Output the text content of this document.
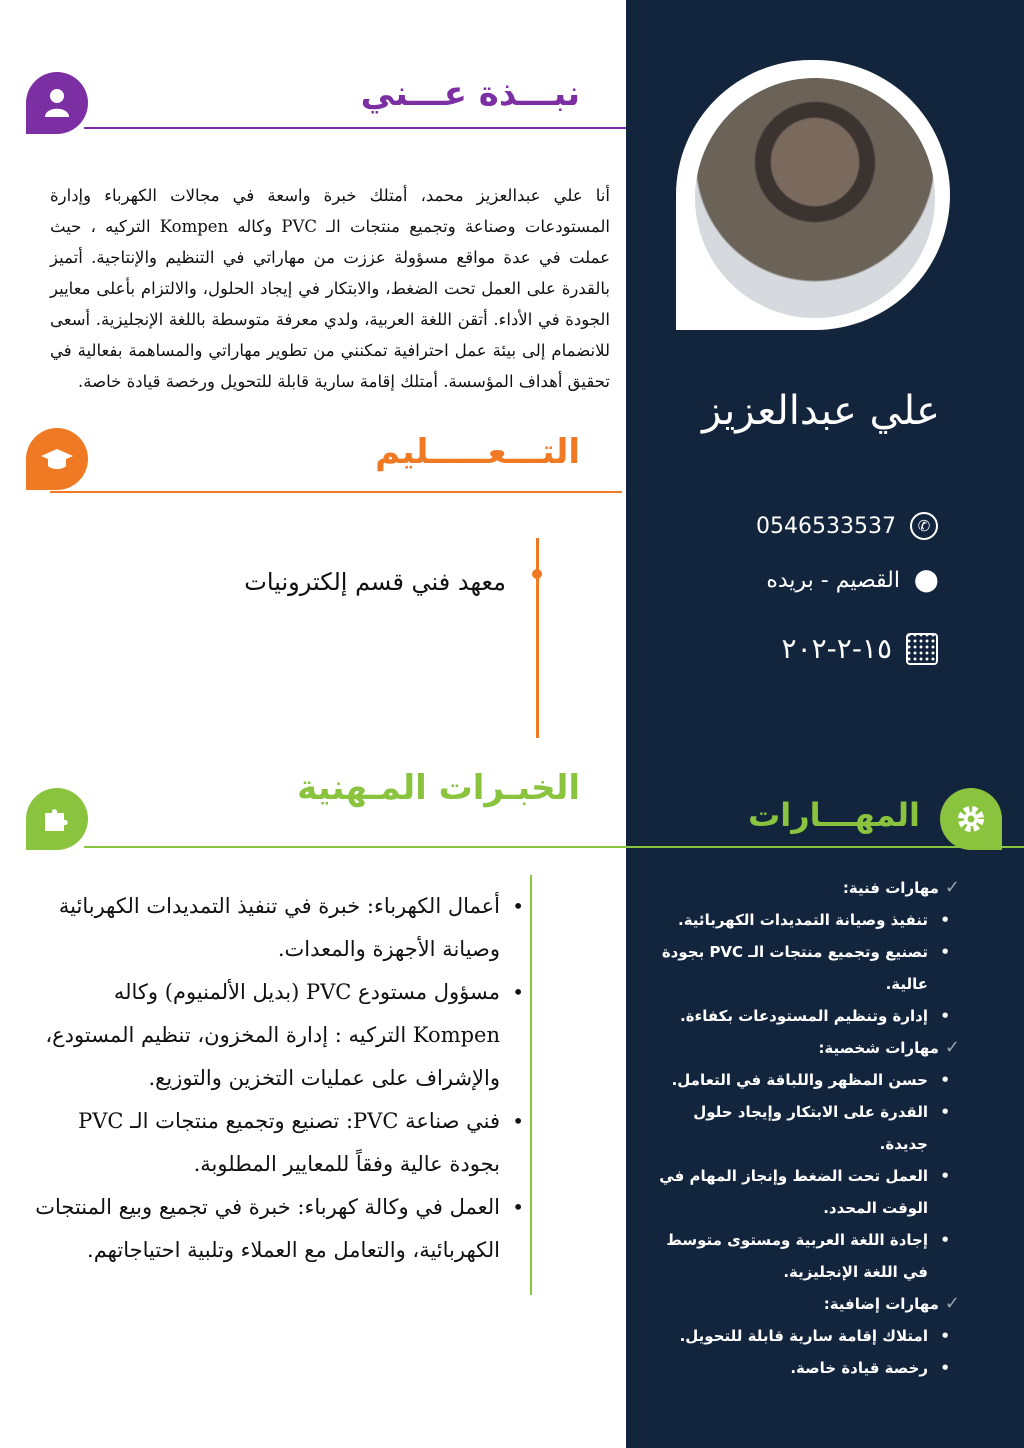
علي عبدالعزيز
0546533537	✆
القصيم - بريده ⬤
١٥-٢-٢٠٢
نبـــذة عـــني
أنا علي عبدالعزيز محمد، أمتلك خبرة واسعة في مجالات الكهرباء وإدارة المستودعات وصناعة وتجميع منتجات الـ PVC وكاله Kompen التركيه ، حيث عملت في عدة مواقع مسؤولة عززت من مهاراتي في التنظيم والإنتاجية. أتميز بالقدرة على العمل تحت الضغط، والابتكار في إيجاد الحلول، والالتزام بأعلى معايير الجودة في الأداء. أتقن اللغة العربية، ولدي معرفة متوسطة باللغة الإنجليزية. أسعى للانضمام إلى بيئة عمل احترافية تمكنني من تطوير مهاراتي والمساهمة بفعالية في تحقيق أهداف المؤسسة. أمتلك إقامة سارية قابلة للتحويل ورخصة قيادة خاصة.
التـــعـــــليم
معهد فني قسم إلكترونيات
الخبـرات المـهنية
• أعمال الكهرباء: خبرة في تنفيذ التمديدات الكهربائية وصيانة الأجهزة والمعدات.
• مسؤول مستودع PVC (بديل الألمنيوم) وكاله Kompen التركيه : إدارة المخزون، تنظيم المستودع، والإشراف على عمليات التخزين والتوزيع.
• فني صناعة PVC: تصنيع وتجميع منتجات الـ PVC بجودة عالية وفقاً للمعايير المطلوبة.
• العمل في وكالة كهرباء: خبرة في تجميع وبيع المنتجات الكهربائية، والتعامل مع العملاء وتلبية احتياجاتهم.
المهـــارات
✓
مهارات فنية:
• تنفيذ وصيانة التمديدات الكهربائية.
• تصنيع وتجميع منتجات الـ PVC بجودة عالية.
• إدارة وتنظيم المستودعات بكفاءة.
✓
مهارات شخصية:
• حسن المظهر واللباقة في التعامل.
• القدرة على الابتكار وإيجاد حلول جديدة.
• العمل تحت الضغط وإنجاز المهام في الوقت المحدد.
• إجادة اللغة العربية ومستوى متوسط في اللغة الإنجليزية.
✓
مهارات إضافية:
• امتلاك إقامة سارية قابلة للتحويل.
• رخصة قيادة خاصة.
